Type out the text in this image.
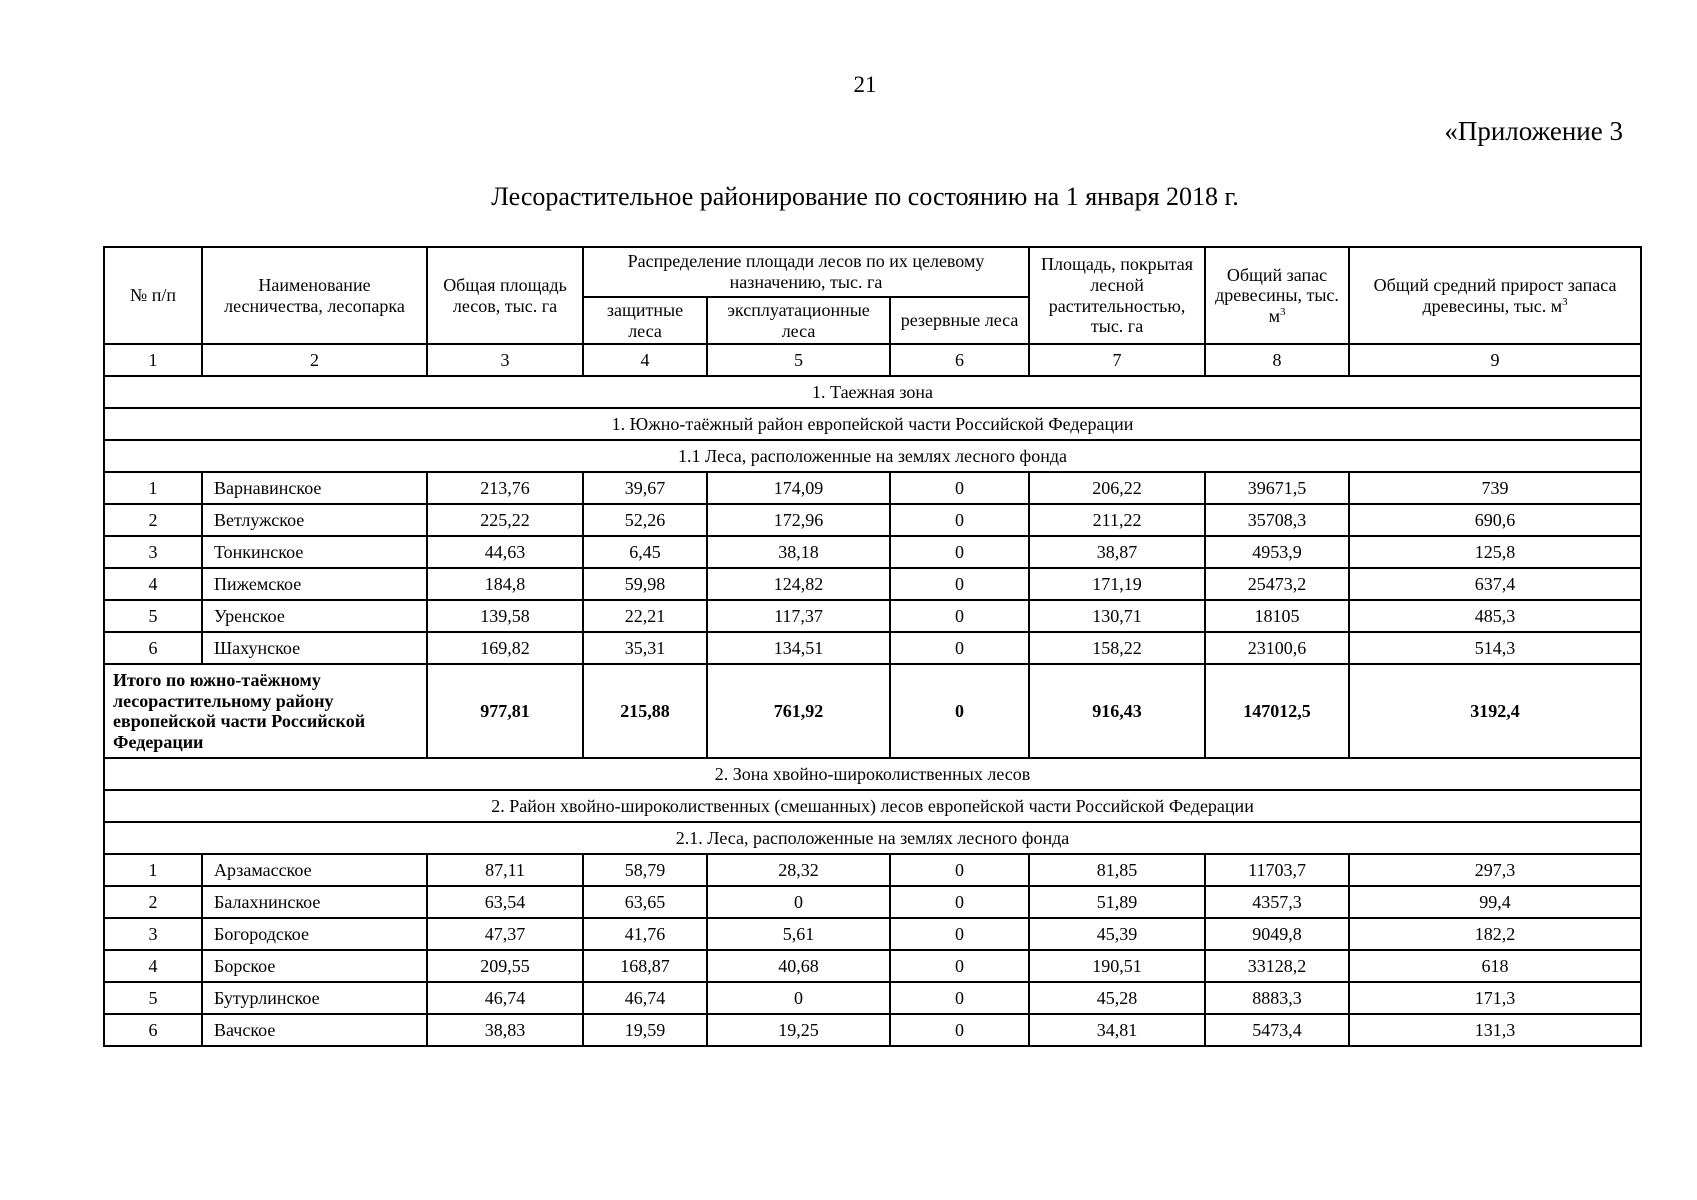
21
«Приложение 3
Лесорастительное районирование по состоянию на 1 января 2018 г.
№ п/п	Наименование лесничества, лесопарка	Общая площадь лесов, тыс. га	Распределение площади лесов по их целевому назначению, тыс. га			Площадь, покрытая лесной растительностью, тыс. га	Общий запас древесины, тыс. $м^3$	Общий средний прирост запаса древесины, тыс. $м^3$
			защитные леса	эксплуатационные леса	резервные леса			
1	2	3	4	5	6	7	8	9
1. Таежная зона								
1. Южно-таёжный район европейской части Российской Федерации								
1.1 Леса, расположенные на землях лесного фонда								
1	Варнавинское	213,76	39,67	174,09	0	206,22	39671,5	739
2	Ветлужское	225,22	52,26	172,96	0	211,22	35708,3	690,6
3	Тонкинское	44,63	6,45	38,18	0	38,87	4953,9	125,8
4	Пижемское	184,8	59,98	124,82	0	171,19	25473,2	637,4
5	Уренское	139,58	22,21	117,37	0	130,71	18105	485,3
6	Шахунское	169,82	35,31	134,51	0	158,22	23100,6	514,3
Итого по южно-таёжному лесорастительному району европейской части Российской Федерации		977,81	215,88	761,92	0	916,43	147012,5	3192,4
2. Зона хвойно-широколиственных лесов								
2. Район хвойно-широколиственных (смешанных) лесов европейской части Российской Федерации								
2.1. Леса, расположенные на землях лесного фонда								
1	Арзамасское	87,11	58,79	28,32	0	81,85	11703,7	297,3
2	Балахнинское	63,54	63,65	0	0	51,89	4357,3	99,4
3	Богородское	47,37	41,76	5,61	0	45,39	9049,8	182,2
4	Борское	209,55	168,87	40,68	0	190,51	33128,2	618
5	Бутурлинское	46,74	46,74	0	0	45,28	8883,3	171,3
6	Вачское	38,83	19,59	19,25	0	34,81	5473,4	131,3
